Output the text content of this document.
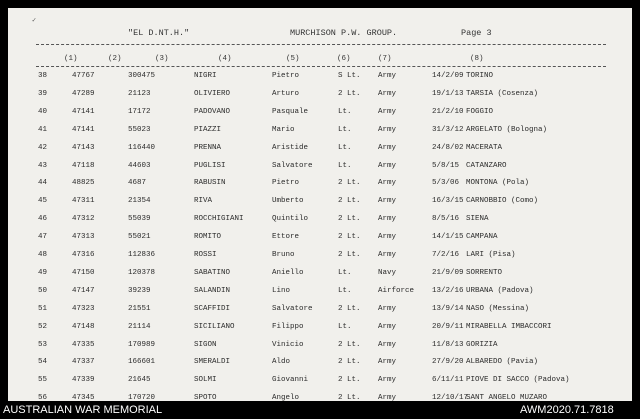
✓
"EL D.NT.H."	MURCHISON P.W. GROUP.	Page 3
(1)	(2)	(3)	(4)	(5)	(6)	(7)	(8)
38	47767	300475	NIGRI	Pietro	S Lt. Army	14/2/09 TORINO
39	47289	21123	OLIVIERO	Arturo	2 Lt. Army	19/1/13 TARSIA (Cosenza)
40	47141	17172	PADOVANO	Pasquale	Lt.	Army	21/2/10 FOGGIO
41	47141	55023	PIAZZI	Mario	Lt.	Army	31/3/12 ARGELATO (Bologna)
42	47143	116440	PRENNA	Aristide	Lt.	Army	24/8/02 MACERATA
43	47118	44603	PUGLISI	Salvatore	Lt.	Army	5/8/15 CATANZARO
44	48825	4687	RABUSIN	Pietro	2 Lt. Army	5/3/06 MONTONA (Pola)
45	47311	21354	RIVA	Umberto	2 Lt. Army	16/3/15 CARNOBBIO (Como)
46	47312	55039	ROCCHIGIANI	Quintilo	2 Lt. Army	8/5/16 SIENA
47	47313	55021	ROMITO	Ettore	2 Lt. Army	14/1/15 CAMPANA
48	47316	112836	ROSSI	Bruno	2 Lt. Army	7/2/16 LARI (Pisa)
49	47150	120378	SABATINO	Aniello	Lt.	Navy	21/9/09 SORRENTO
50	47147	39239	SALANDIN	Lino	Lt.	Airforce 13/2/16 URBANA (Padova)
51	47323	21551	SCAFFIDI	Salvatore	2 Lt. Army	13/9/14 NASO (Messina)
52	47148	21114	SICILIANO	Filippo	Lt.	Army	20/9/11 MIRABELLA IMBACCORI
53	47335	170989	SIGON	Vinicio	2 Lt. Army	11/8/13 GORIZIA
54	47337	166601	SMERALDI	Aldo	2 Lt. Army	27/9/20 ALBAREDO (Pavia)
55	47339	21645	SOLMI	Giovanni	2 Lt. Army	6/11/11 PIOVE DI SACCO (Padova)
56	47345	170720	SPOTO	Angelo	2 Lt. Army	12/10/17
SANT ANGELO MUZARO
AUSTRALIAN WAR MEMORIAL	AWM2020.71.7818
